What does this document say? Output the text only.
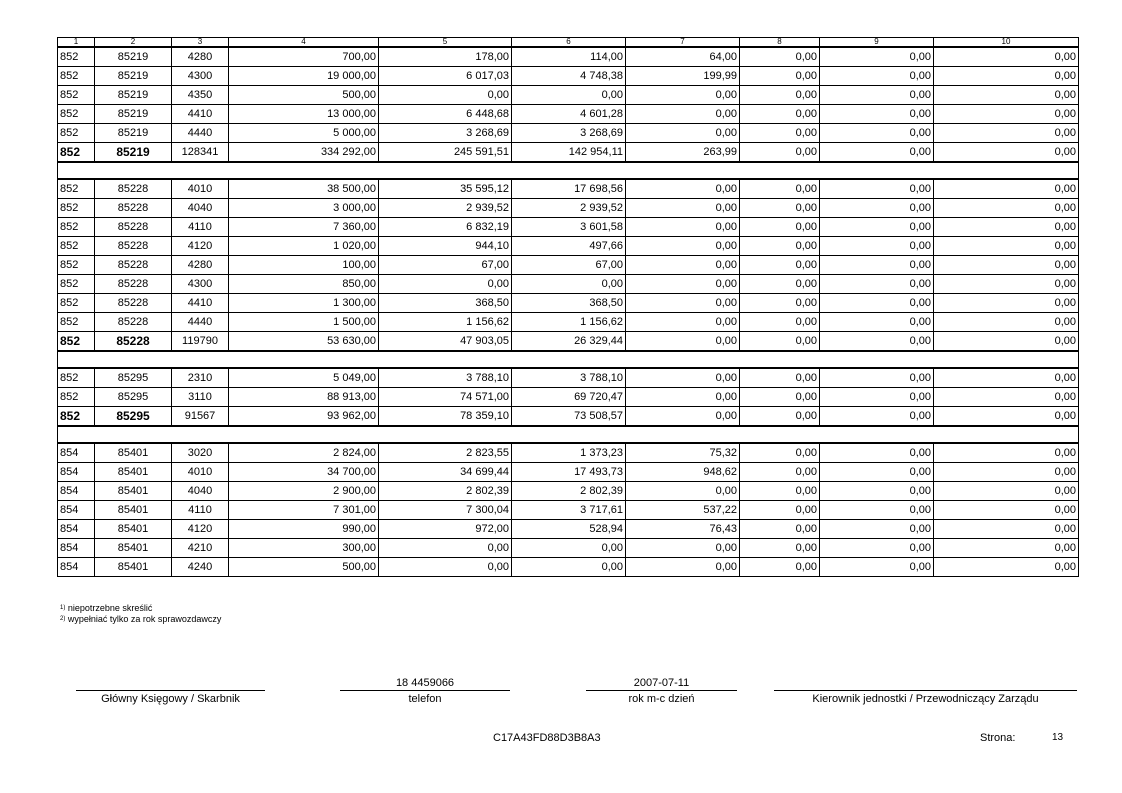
1	2	3	4	5	6	7	8	9	10
852	85219	4280	700,00	178,00	114,00	64,00	0,00	0,00	0,00
852	85219	4300	19 000,00	6 017,03	4 748,38	199,99	0,00	0,00	0,00
852	85219	4350	500,00	0,00	0,00	0,00	0,00	0,00	0,00
852	85219	4410	13 000,00	6 448,68	4 601,28	0,00	0,00	0,00	0,00
852	85219	4440	5 000,00	3 268,69	3 268,69	0,00	0,00	0,00	0,00
852	85219	128341	334 292,00	245 591,51	142 954,11	263,99	0,00	0,00	0,00

852	85228	4010	38 500,00	35 595,12	17 698,56	0,00	0,00	0,00	0,00
852	85228	4040	3 000,00	2 939,52	2 939,52	0,00	0,00	0,00	0,00
852	85228	4110	7 360,00	6 832,19	3 601,58	0,00	0,00	0,00	0,00
852	85228	4120	1 020,00	944,10	497,66	0,00	0,00	0,00	0,00
852	85228	4280	100,00	67,00	67,00	0,00	0,00	0,00	0,00
852	85228	4300	850,00	0,00	0,00	0,00	0,00	0,00	0,00
852	85228	4410	1 300,00	368,50	368,50	0,00	0,00	0,00	0,00
852	85228	4440	1 500,00	1 156,62	1 156,62	0,00	0,00	0,00	0,00
852	85228	119790	53 630,00	47 903,05	26 329,44	0,00	0,00	0,00	0,00

852	85295	2310	5 049,00	3 788,10	3 788,10	0,00	0,00	0,00	0,00
852	85295	3110	88 913,00	74 571,00	69 720,47	0,00	0,00	0,00	0,00
852	85295	91567	93 962,00	78 359,10	73 508,57	0,00	0,00	0,00	0,00

854	85401	3020	2 824,00	2 823,55	1 373,23	75,32	0,00	0,00	0,00
854	85401	4010	34 700,00	34 699,44	17 493,73	948,62	0,00	0,00	0,00
854	85401	4040	2 900,00	2 802,39	2 802,39	0,00	0,00	0,00	0,00
854	85401	4110	7 301,00	7 300,04	3 717,61	537,22	0,00	0,00	0,00
854	85401	4120	990,00	972,00	528,94	76,43	0,00	0,00	0,00
854	85401	4210	300,00	0,00	0,00	0,00	0,00	0,00	0,00
854	85401	4240	500,00	0,00	0,00	0,00	0,00	0,00	0,00
$^{1)}$ niepotrzebne skreślić
$^{2)}$ wypełniać tylko za rok sprawozdawczy
Główny Księgowy / Skarbnik
18 4459066
telefon
2007-07-11
rok m-c dzień	Kierownik jednostki / Przewodniczący Zarządu
C17A43FD88D3B8A3	Strona:	13
